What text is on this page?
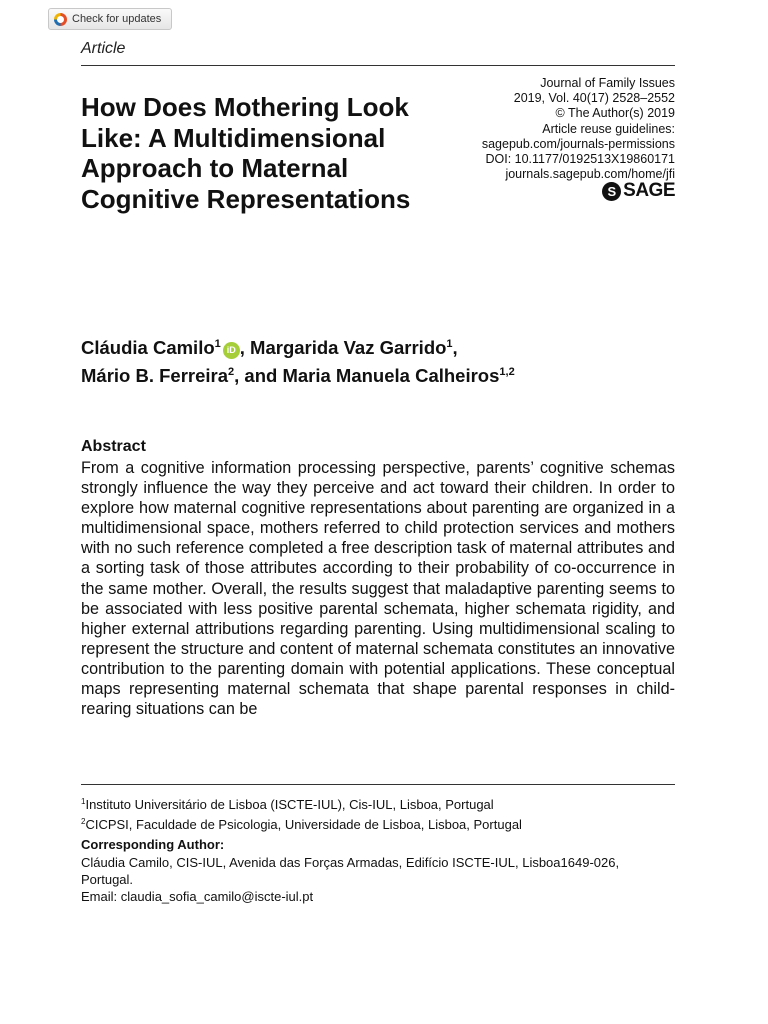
Check for updates
Article
Journal of Family Issues
2019, Vol. 40(17) 2528–2552
© The Author(s) 2019
Article reuse guidelines:
sagepub.com/journals-permissions
DOI: 10.1177/0192513X19860171
journals.sagepub.com/home/jfi
S SAGE
How Does Mothering Look Like: A Multidimensional Approach to Maternal Cognitive Representations
Cláudia Camilo$^1$ iD , Margarida Vaz Garrido$^1$,
Mário B. Ferreira$^2$, and Maria Manuela Calheiros$^{1,2}$
Abstract

From a cognitive information processing perspective, parents’ cognitive schemas strongly influence the way they perceive and act toward their children. In order to explore how maternal cognitive representations about parenting are organized in a multidimensional space, mothers referred to child protection services and mothers with no such reference completed a free description task of maternal attributes and a sorting task of those attributes according to their probability of co-occurrence in the same mother. Overall, the results suggest that maladaptive parenting seems to be associated with less positive parental schemata, higher schemata rigidity, and higher external attributions regarding parenting. Using multidimensional scaling to represent the structure and content of maternal schemata constitutes an innovative contribution to the parenting domain with potential applications. These conceptual maps representing maternal schemata that shape parental responses in child-rearing situations can be

$^1$Instituto Universitário de Lisboa (ISCTE-IUL), Cis-IUL, Lisboa, Portugal
$^2$CICPSI, Faculdade de Psicologia, Universidade de Lisboa, Lisboa, Portugal
Corresponding Author:
Cláudia Camilo, CIS-IUL, Avenida das Forças Armadas, Edifício ISCTE-IUL, Lisboa1649-026,
Portugal.
Email: claudia_sofia_camilo@iscte-iul.pt
